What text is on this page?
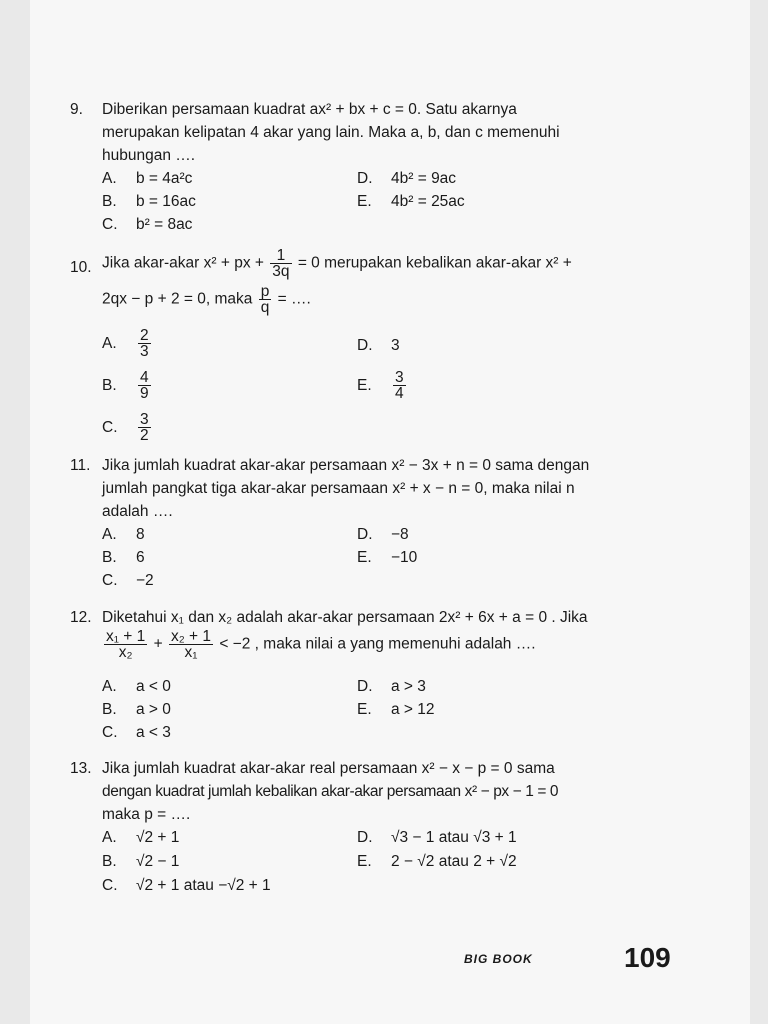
9. Diberikan persamaan kuadrat ax² + bx + c = 0. Satu akarnya
merupakan kelipatan 4 akar yang lain. Maka a, b, dan c memenuhi
hubungan ….
A. b = 4a²c
B. b = 16ac
C. b² = 8ac
D. 4b² = 9ac
E. 4b² = 25ac
10. Jika akar-akar x² + px + $\frac{1}{3q} = 0$ merupakan kebalikan akar-akar x² +
2qx − p + 2 = 0, maka $\frac{p}{q}$ = ….
A. $\frac{2}{3}$
B. $\frac{4}{9}$
C. $\frac{3}{2}$
D. 3
E. $\frac{3}{4}$
11. Jika jumlah kuadrat akar-akar persamaan x² − 3x + n = 0 sama dengan
jumlah pangkat tiga akar-akar persamaan x² + x − n = 0, maka nilai n
adalah ….
A. 8
B. 6
C. −2
D. −8
E. −10
12. Diketahui x₁ dan x₂ adalah akar-akar persamaan 2x² + 6x + a = 0 . Jika
$\frac{\text{x₁ + 1}}{\text{x₂}} + \frac{\text{x₂ + 1}}{\text{x₁}} < -2$ , maka nilai a yang memenuhi adalah ….
A. a < 0
B. a > 0
C. a < 3
D. a > 3
E. a > 12
13. Jika jumlah kuadrat akar-akar real persamaan x² − x − p = 0 sama
dengan kuadrat jumlah kebalikan akar-akar persamaan x² − px − 1 = 0
maka p = ….
A. √2 + 1
B. √2 − 1
C. √2 + 1 atau −√2 + 1
D. √3 − 1 atau √3 + 1
E. 2 − √2 atau 2 + √2
BIG BOOK	109
